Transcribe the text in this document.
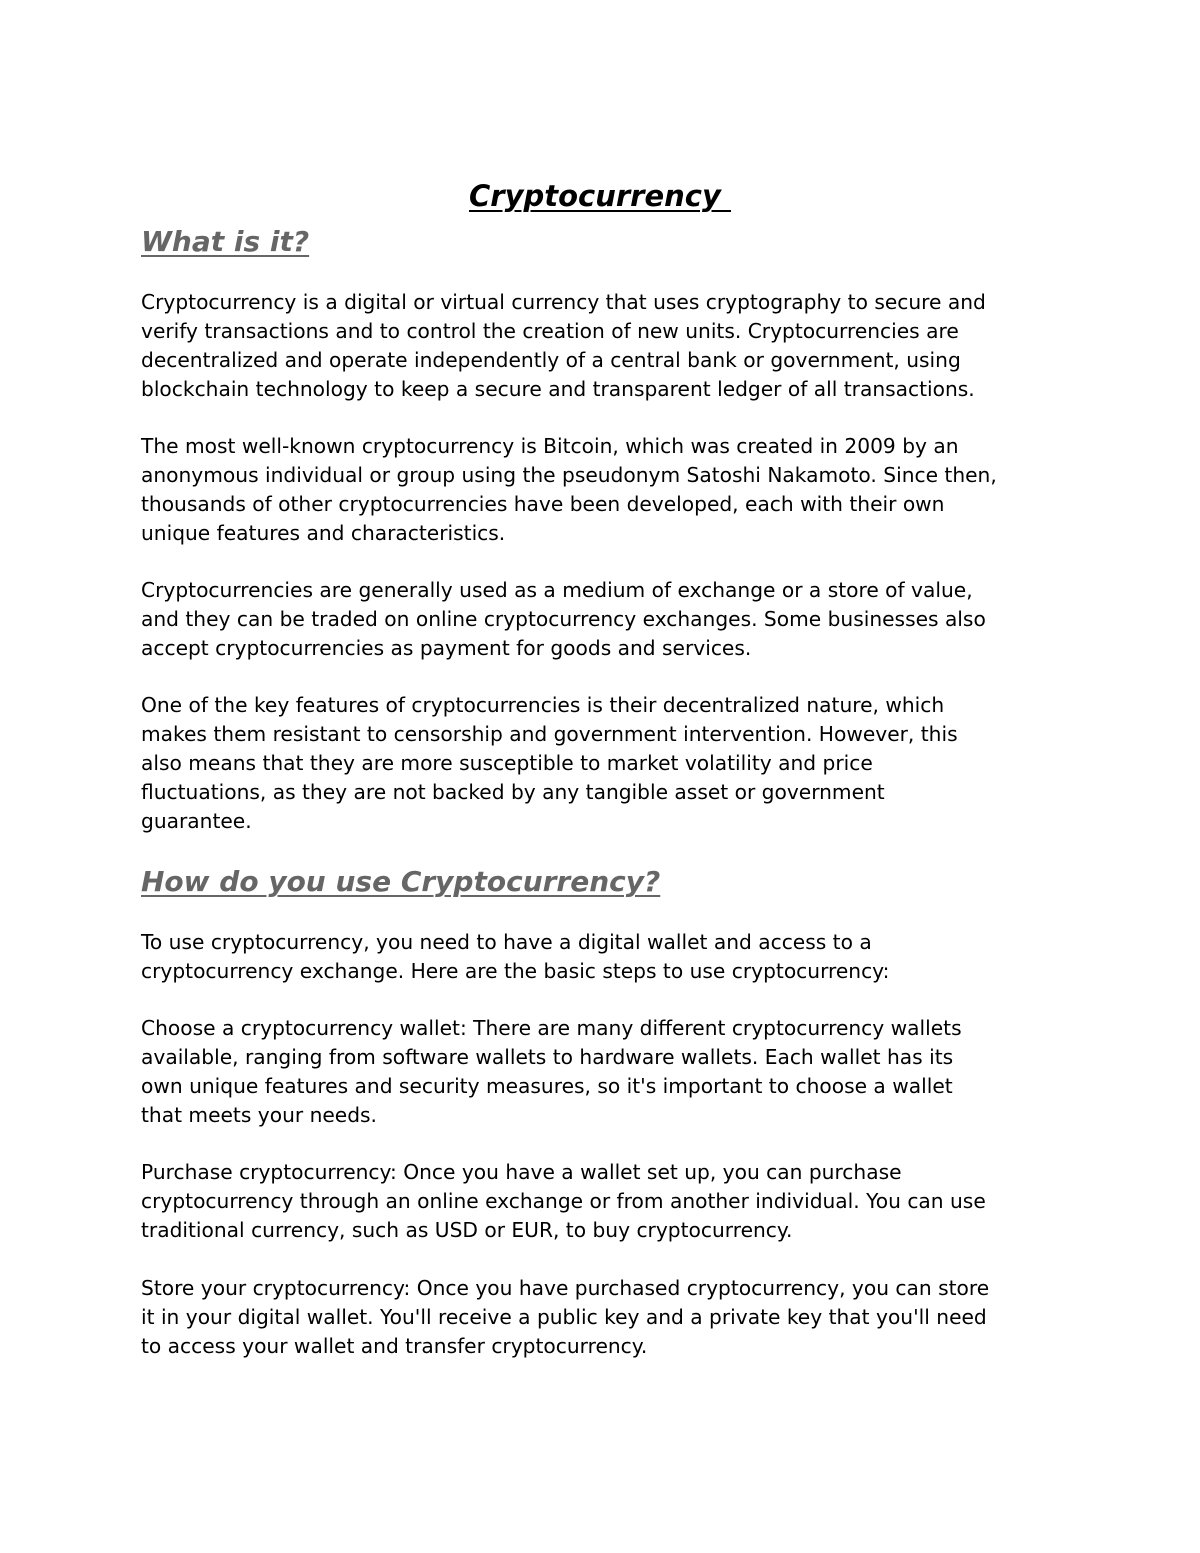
Cryptocurrency
What is it?

Cryptocurrency is a digital or virtual currency that uses cryptography to secure and
verify transactions and to control the creation of new units. Cryptocurrencies are
decentralized and operate independently of a central bank or government, using
blockchain technology to keep a secure and transparent ledger of all transactions.

The most well-known cryptocurrency is Bitcoin, which was created in 2009 by an
anonymous individual or group using the pseudonym Satoshi Nakamoto. Since then,
thousands of other cryptocurrencies have been developed, each with their own
unique features and characteristics.

Cryptocurrencies are generally used as a medium of exchange or a store of value,
and they can be traded on online cryptocurrency exchanges. Some businesses also
accept cryptocurrencies as payment for goods and services.

One of the key features of cryptocurrencies is their decentralized nature, which
makes them resistant to censorship and government intervention. However, this
also means that they are more susceptible to market volatility and price
fluctuations, as they are not backed by any tangible asset or government
guarantee.

How do you use Cryptocurrency?

To use cryptocurrency, you need to have a digital wallet and access to a
cryptocurrency exchange. Here are the basic steps to use cryptocurrency:

Choose a cryptocurrency wallet: There are many different cryptocurrency wallets
available, ranging from software wallets to hardware wallets. Each wallet has its
own unique features and security measures, so it's important to choose a wallet
that meets your needs.

Purchase cryptocurrency: Once you have a wallet set up, you can purchase
cryptocurrency through an online exchange or from another individual. You can use
traditional currency, such as USD or EUR, to buy cryptocurrency.

Store your cryptocurrency: Once you have purchased cryptocurrency, you can store
it in your digital wallet. You'll receive a public key and a private key that you'll need
to access your wallet and transfer cryptocurrency.
